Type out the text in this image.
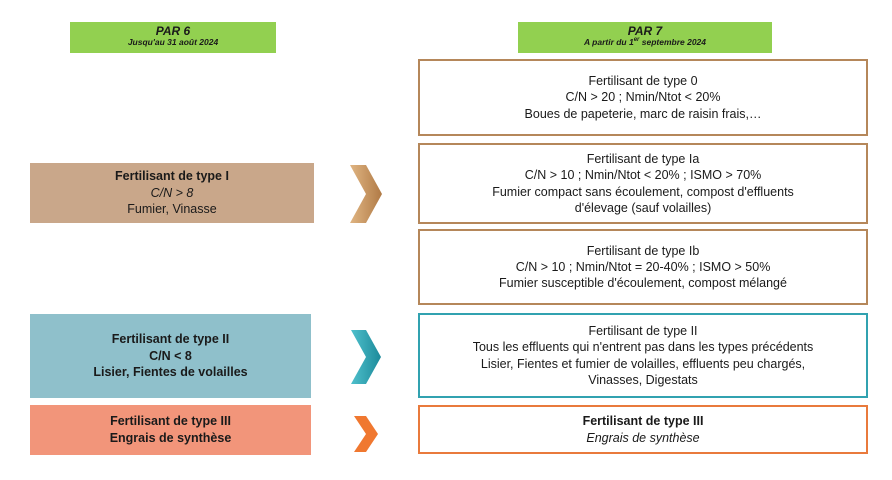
PAR 6
Jusqu'au 31 août 2024
PAR 7
A partir du 1er septembre 2024
Fertilisant de type I
C/N > 8
Fumier, Vinasse
Fertilisant de type II
C/N < 8
Lisier, Fientes de volailles
Fertilisant de type III
Engrais de synthèse
Fertilisant de type 0
C/N > 20 ; Nmin/Ntot < 20%
Boues de papeterie, marc de raisin frais,…
Fertilisant de type Ia
C/N > 10 ; Nmin/Ntot < 20% ; ISMO > 70%
Fumier compact sans écoulement, compost d'effluents
d'élevage (sauf volailles)
Fertilisant de type Ib
C/N > 10 ; Nmin/Ntot = 20-40% ; ISMO > 50%
Fumier susceptible d'écoulement, compost mélangé
Fertilisant de type II
Tous les effluents qui n'entrent pas dans les types précédents
Lisier, Fientes et fumier de volailles, effluents peu chargés,
Vinasses, Digestats
Fertilisant de type III
Engrais de synthèse
